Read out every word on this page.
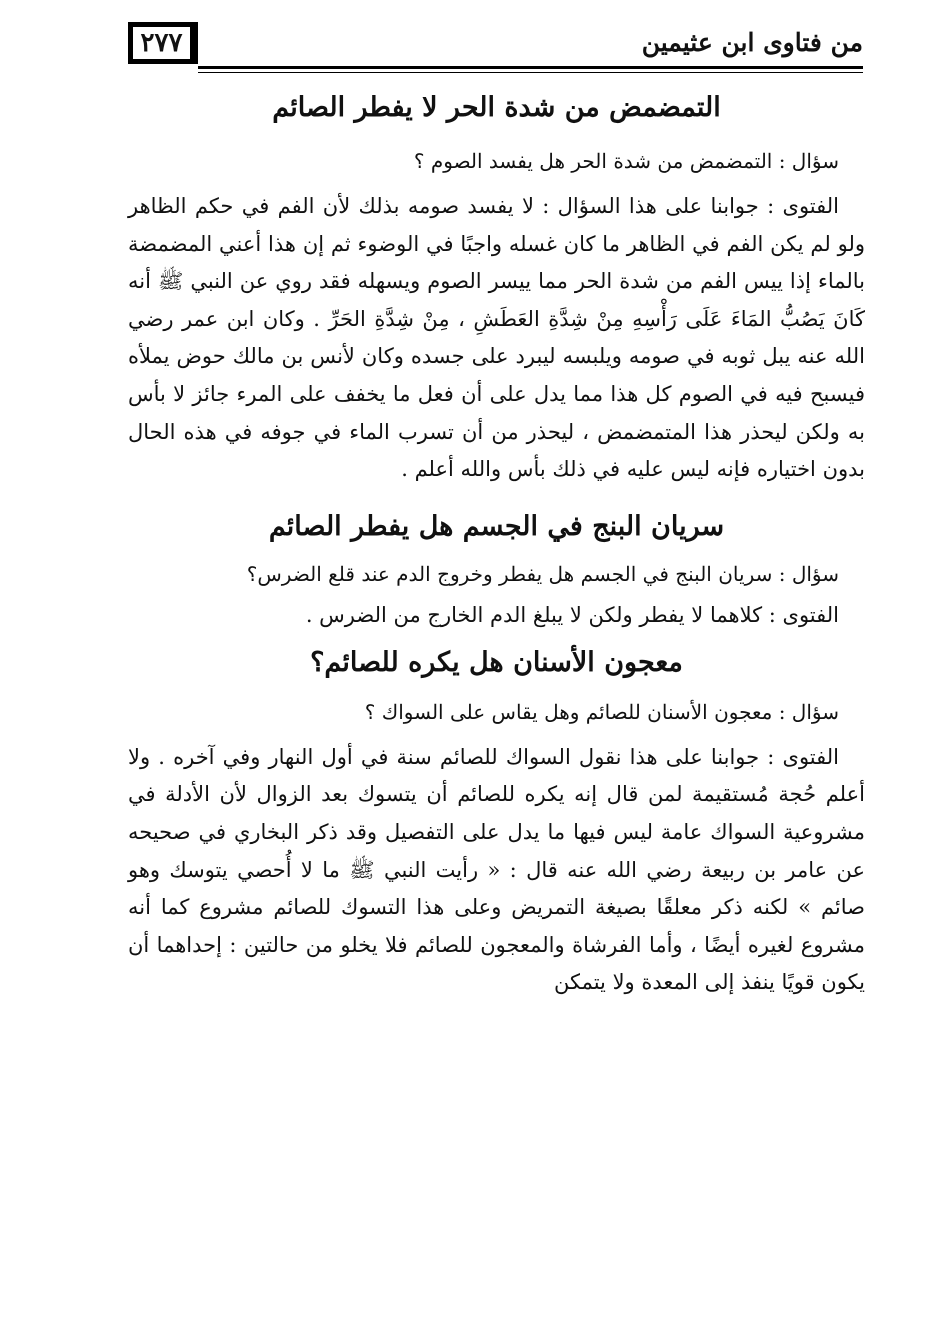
من فتاوى ابن عثيمين
٢٧٧
التمضمض من شدة الحر لا يفطر الصائم

سؤال : التمضمض من شدة الحر هل يفسد الصوم ؟

الفتوى : جوابنا على هذا السؤال : لا يفسد صومه بذلك لأن الفم في حكم الظاهر ولو لم يكن الفم في الظاهر ما كان غسله واجبًا في الوضوء ثم إن هذا أعني المضمضة بالماء إذا ييس الفم من شدة الحر مما ييسر الصوم ويسهله فقد روي عن النبي ﷺ أنه كَانَ يَصُبُّ المَاءَ عَلَى رَأْسِهِ مِنْ شِدَّةِ العَطَشِ ، مِنْ شِدَّةِ الحَرِّ . وكان ابن عمر رضي الله عنه يبل ثوبه في صومه ويلبسه ليبرد على جسده وكان لأنس بن مالك حوض يملأه فيسبح فيه في الصوم كل هذا مما يدل على أن فعل ما يخفف على المرء جائز لا بأس به ولكن ليحذر هذا المتمضمض ، ليحذر من أن تسرب الماء في جوفه في هذه الحال بدون اختياره فإنه ليس عليه في ذلك بأس والله أعلم .

سريان البنج في الجسم هل يفطر الصائم

سؤال : سريان البنج في الجسم هل يفطر وخروج الدم عند قلع الضرس؟

الفتوى : كلاهما لا يفطر ولكن لا يبلغ الدم الخارج من الضرس .

معجون الأسنان هل يكره للصائم؟

سؤال : معجون الأسنان للصائم وهل يقاس على السواك ؟

الفتوى : جوابنا على هذا نقول السواك للصائم سنة في أول النهار وفي آخره . ولا أعلم حُجة مُستقيمة لمن قال إنه يكره للصائم أن يتسوك بعد الزوال لأن الأدلة في مشروعية السواك عامة ليس فيها ما يدل على التفصيل وقد ذكر البخاري في صحيحه عن عامر بن ربيعة رضي الله عنه قال : « رأيت النبي ﷺ ما لا أُحصي يتوسك وهو صائم » لكنه ذكر معلقًا بصيغة التمريض وعلى هذا التسوك للصائم مشروع كما أنه مشروع لغيره أيضًا ، وأما الفرشاة والمعجون للصائم فلا يخلو من حالتين : إحداهما أن يكون قويًا ينفذ إلى المعدة ولا يتمكن
